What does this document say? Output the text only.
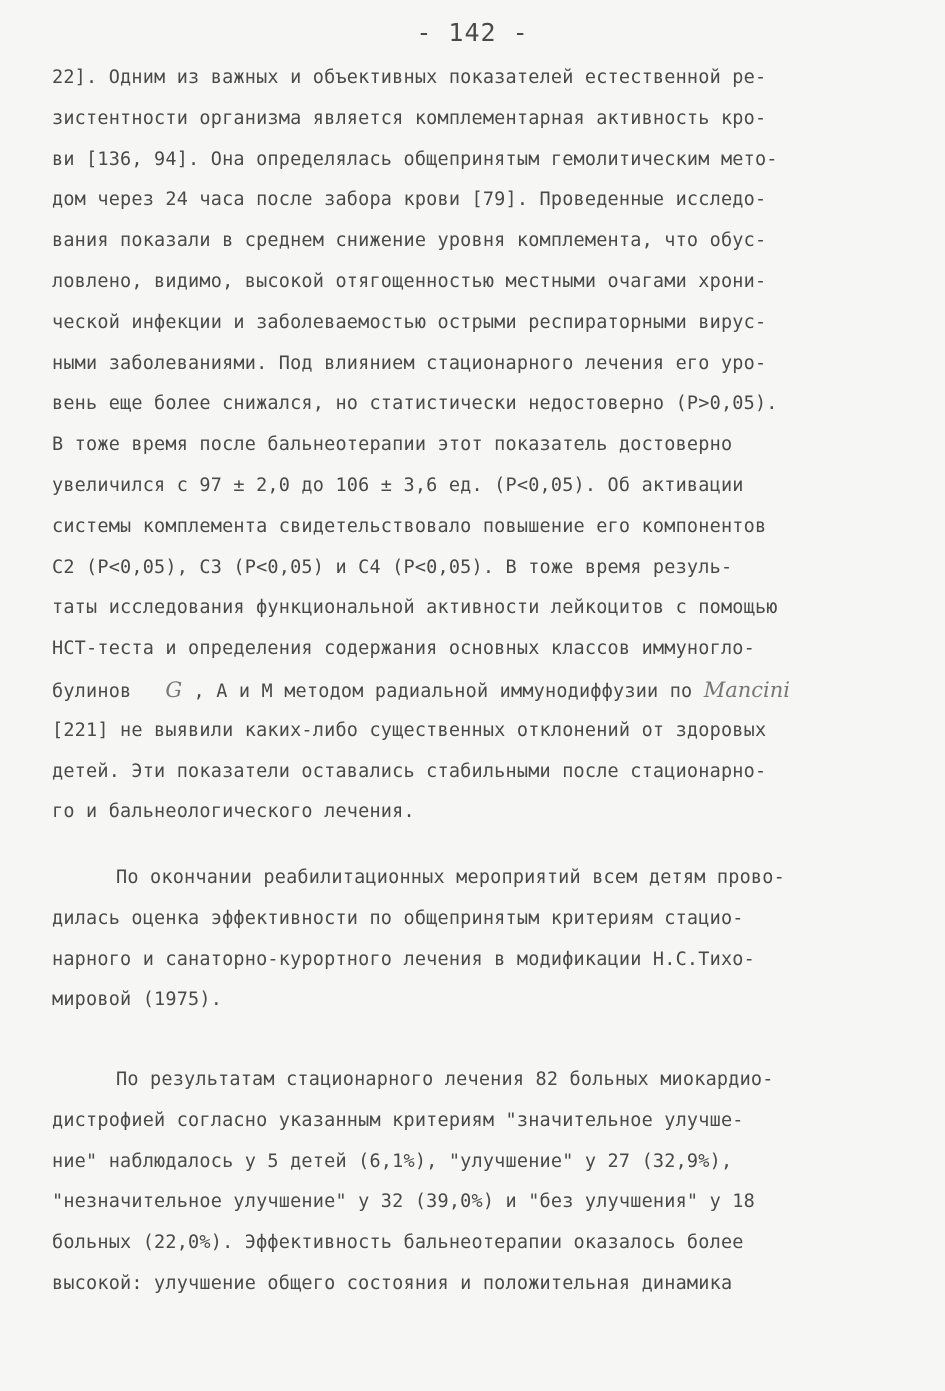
- 142 -
22]. Одним из важных и объективных показателей естественной ре-
зистентности организма является комплементарная активность кро-
ви [136, 94]. Она определялась общепринятым гемолитическим мето-
дом через 24 часа после забора крови [79]. Проведенные исследо-
вания показали в среднем снижение уровня комплемента, что обус-
ловлено, видимо, высокой отягощенностью местными очагами хрони-
ческой инфекции и заболеваемостью острыми респираторными вирус-
ными заболеваниями. Под влиянием стационарного лечения его уро-
вень еще более снижался, но статистически недостоверно (P>0,05).
В тоже время после бальнеотерапии этот показатель достоверно
увеличился с 97 ± 2,0 до 106 ± 3,6 ед. (P<0,05). Об активации
системы комплемента свидетельствовало повышение его компонентов
С2 (P<0,05), С3 (P<0,05) и С4 (P<0,05). В тоже время резуль-
таты исследования функциональной активности лейкоцитов с помощью
НСТ-теста и определения содержания основных классов иммуногло-
булинов G , А и М методом радиальной иммунодиффузии по Mancini
[221] не выявили каких-либо существенных отклонений от здоровых
детей. Эти показатели оставались стабильными после стационарно-
го и бальнеологического лечения.
По окончании реабилитационных мероприятий всем детям прово-
дилась оценка эффективности по общепринятым критериям стацио-
нарного и санаторно-курортного лечения в модификации Н.С.Тихо-
мировой (1975).
По результатам стационарного лечения 82 больных миокардио-
дистрофией согласно указанным критериям "значительное улучше-
ние" наблюдалось у 5 детей (6,1%), "улучшение" у 27 (32,9%),
"незначительное улучшение" у 32 (39,0%) и "без улучшения" у 18
больных (22,0%). Эффективность бальнеотерапии оказалось более
высокой: улучшение общего состояния и положительная динамика
